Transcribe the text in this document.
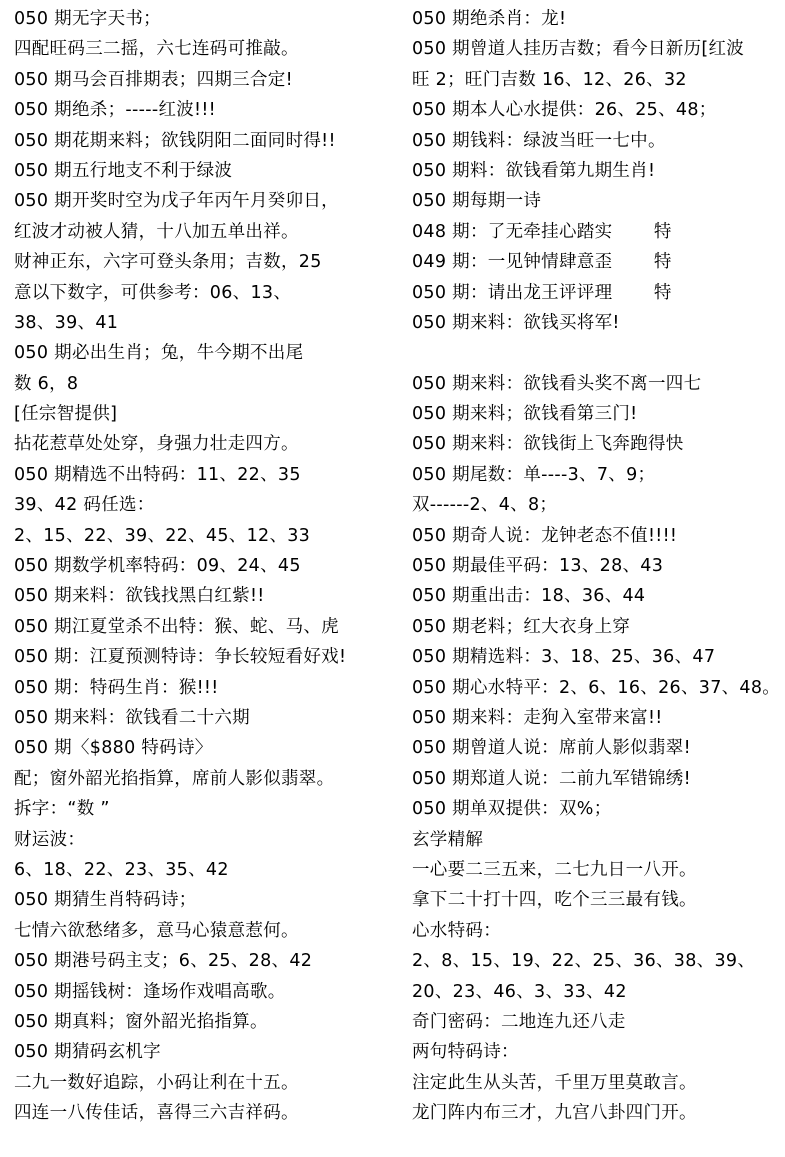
050 期无字天书；
四配旺码三二摇，六七连码可推敲。
050 期马会百排期表；四期三合定!
050 期绝杀；-----红波!!!
050 期花期来料；欲钱阴阳二面同时得!!
050 期五行地支不利于绿波
050 期开奖时空为戊子年丙午月癸卯日，
红波才动被人猜，十八加五单出祥。
财神正东，六字可登头条用；吉数，25
意以下数字，可供参考：06、13、
38、39、41
050 期必出生肖；兔，牛今期不出尾
数 6，8
[任宗智提供]
拈花惹草处处穿，身强力壮走四方。
050 期精选不出特码：11、22、35
39、42 码任选：
2、15、22、39、22、45、12、33
050 期数学机率特码：09、24、45
050 期来料：欲钱找黑白红紫!!
050 期江夏堂杀不出特：猴、蛇、马、虎
050 期：江夏预测特诗：争长较短看好戏!
050 期：特码生肖：猴!!!
050 期来料：欲钱看二十六期
050 期〈$880 特码诗〉
配；窗外韶光掐指算，席前人影似翡翠。
拆字：“数 ”
财运波：
6、18、22、23、35、42
050 期猜生肖特码诗；
七情六欲愁绪多，意马心猿意惹何。
050 期港号码主支；6、25、28、42
050 期摇钱树：逢场作戏唱高歌。
050 期真料；窗外韶光掐指算。
050 期猜码玄机字
二九一数好追踪，小码让利在十五。
四连一八传佳话，喜得三六吉祥码。
050 期绝杀肖：龙!
050 期曾道人挂历吉数；看今日新历[红波
旺 2；旺门吉数 16、12、26、32
050 期本人心水提供：26、25、48；
050 期钱料：绿波当旺一七中。
050 期料：欲钱看第九期生肖!
050 期每期一诗
048 期：了无牵挂心踏实　　 特
049 期：一见钟情肆意歪　　 特
050 期：请出龙王评评理　　 特
050 期来料：欲钱买将军!
050 期来料：欲钱看头奖不离一四七
050 期来料；欲钱看第三门!
050 期来料：欲钱街上飞奔跑得快
050 期尾数：单----3、7、9；
双------2、4、8；
050 期奇人说：龙钟老态不值!!!!
050 期最佳平码：13、28、43
050 期重出击：18、36、44
050 期老料；红大衣身上穿
050 期精选料：3、18、25、36、47
050 期心水特平：2、6、16、26、37、48。
050 期来料：走狗入室带来富!!
050 期曾道人说：席前人影似翡翠!
050 期郑道人说：二前九军错锦绣!
050 期单双提供：双%；
玄学精解
一心要二三五来，二七九日一八开。
拿下二十打十四，吃个三三最有钱。
心水特码：
2、8、15、19、22、25、36、38、39、
20、23、46、3、33、42
奇门密码：二地连九还八走
两句特码诗：
注定此生从头苦，千里万里莫敢言。
龙门阵内布三才，九宫八卦四门开。
